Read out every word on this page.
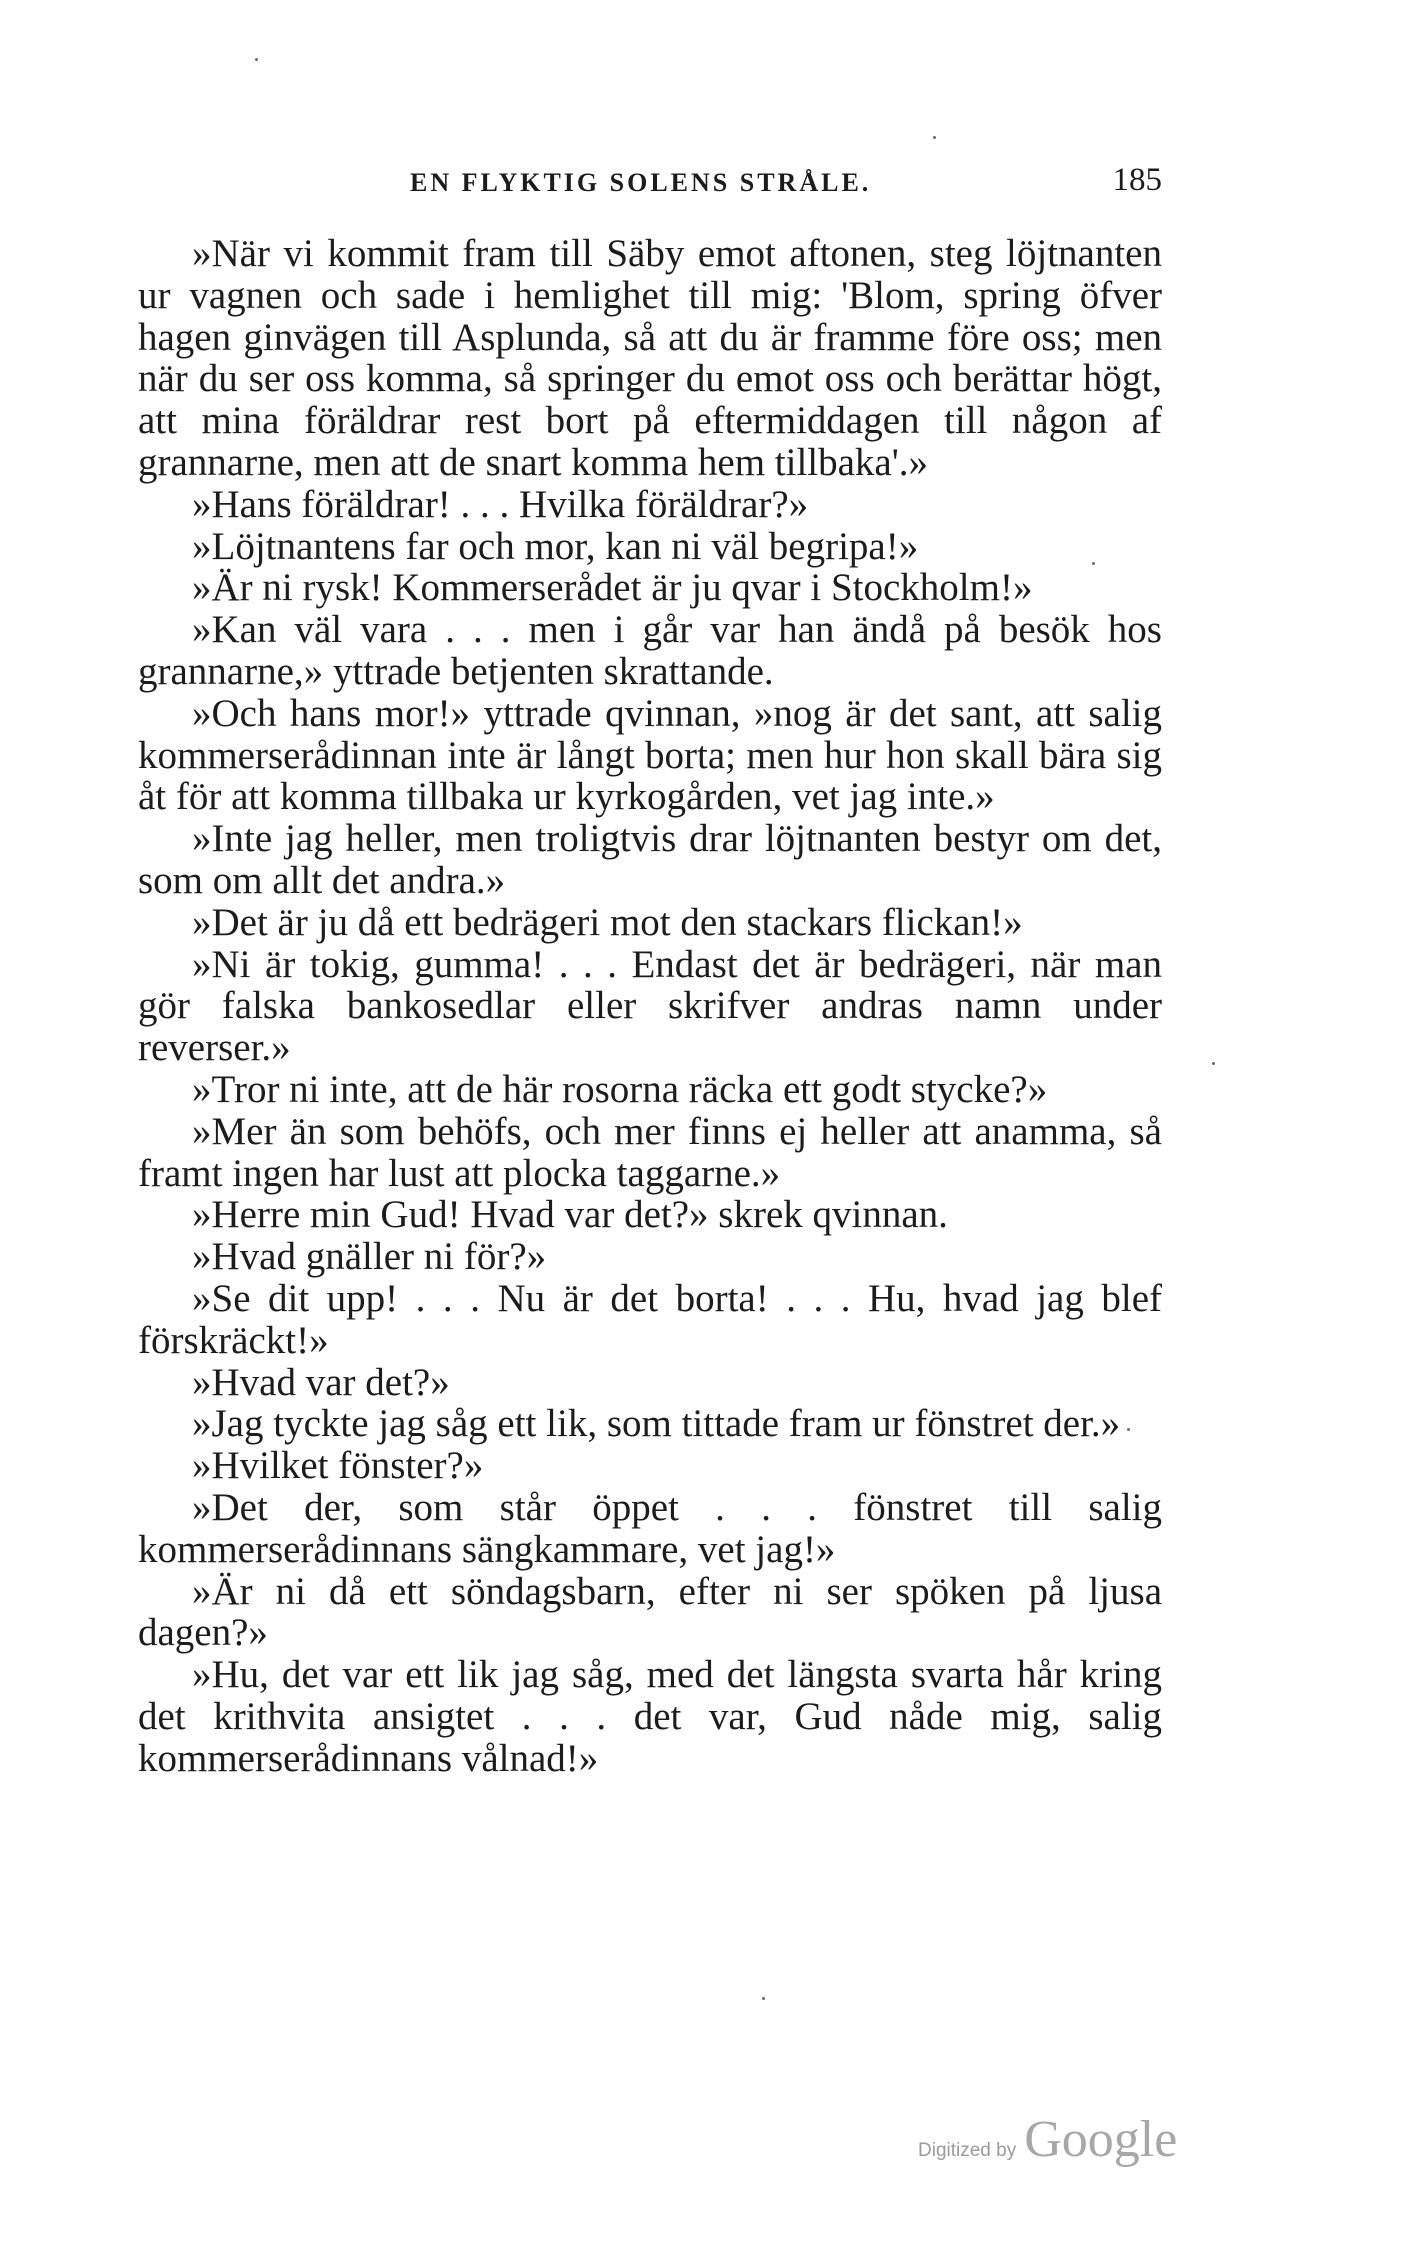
EN FLYKTIG SOLENS STRÅLE.	185

»När vi kommit fram till Säby emot aftonen, steg löjtnanten ur vagnen och sade i hemlighet till mig: 'Blom, spring öfver hagen ginvägen till Asplunda, så att du är framme före oss; men när du ser oss komma, så springer du emot oss och berättar högt, att mina föräldrar rest bort på eftermiddagen till någon af grannarne, men att de snart komma hem tillbaka'.»

»Hans föräldrar! . . . Hvilka föräldrar?»

»Löjtnantens far och mor, kan ni väl begripa!»

»Är ni rysk! Kommerserådet är ju qvar i Stockholm!»

»Kan väl vara . . . men i går var han ändå på besök hos grannarne,» yttrade betjenten skrattande.

»Och hans mor!» yttrade qvinnan, »nog är det sant, att salig kommerserådinnan inte är långt borta; men hur hon skall bära sig åt för att komma tillbaka ur kyrkogården, vet jag inte.»

»Inte jag heller, men troligtvis drar löjtnanten bestyr om det, som om allt det andra.»

»Det är ju då ett bedrägeri mot den stackars flickan!»

»Ni är tokig, gumma! . . . Endast det är bedrägeri, när man gör falska bankosedlar eller skrifver andras namn under reverser.»

»Tror ni inte, att de här rosorna räcka ett godt stycke?»

»Mer än som behöfs, och mer finns ej heller att anamma, så framt ingen har lust att plocka taggarne.»

»Herre min Gud! Hvad var det?» skrek qvinnan.

»Hvad gnäller ni för?»

»Se dit upp! . . . Nu är det borta! . . . Hu, hvad jag blef förskräckt!»

»Hvad var det?»

»Jag tyckte jag såg ett lik, som tittade fram ur fönstret der.»

»Hvilket fönster?»

»Det der, som står öppet . . . fönstret till salig kommerserådinnans sängkammare, vet jag!»

»Är ni då ett söndagsbarn, efter ni ser spöken på ljusa dagen?»

»Hu, det var ett lik jag såg, med det längsta svarta hår kring det krithvita ansigtet . . . det var, Gud nåde mig, salig kommerserådinnans vålnad!»

Digitized by Google
